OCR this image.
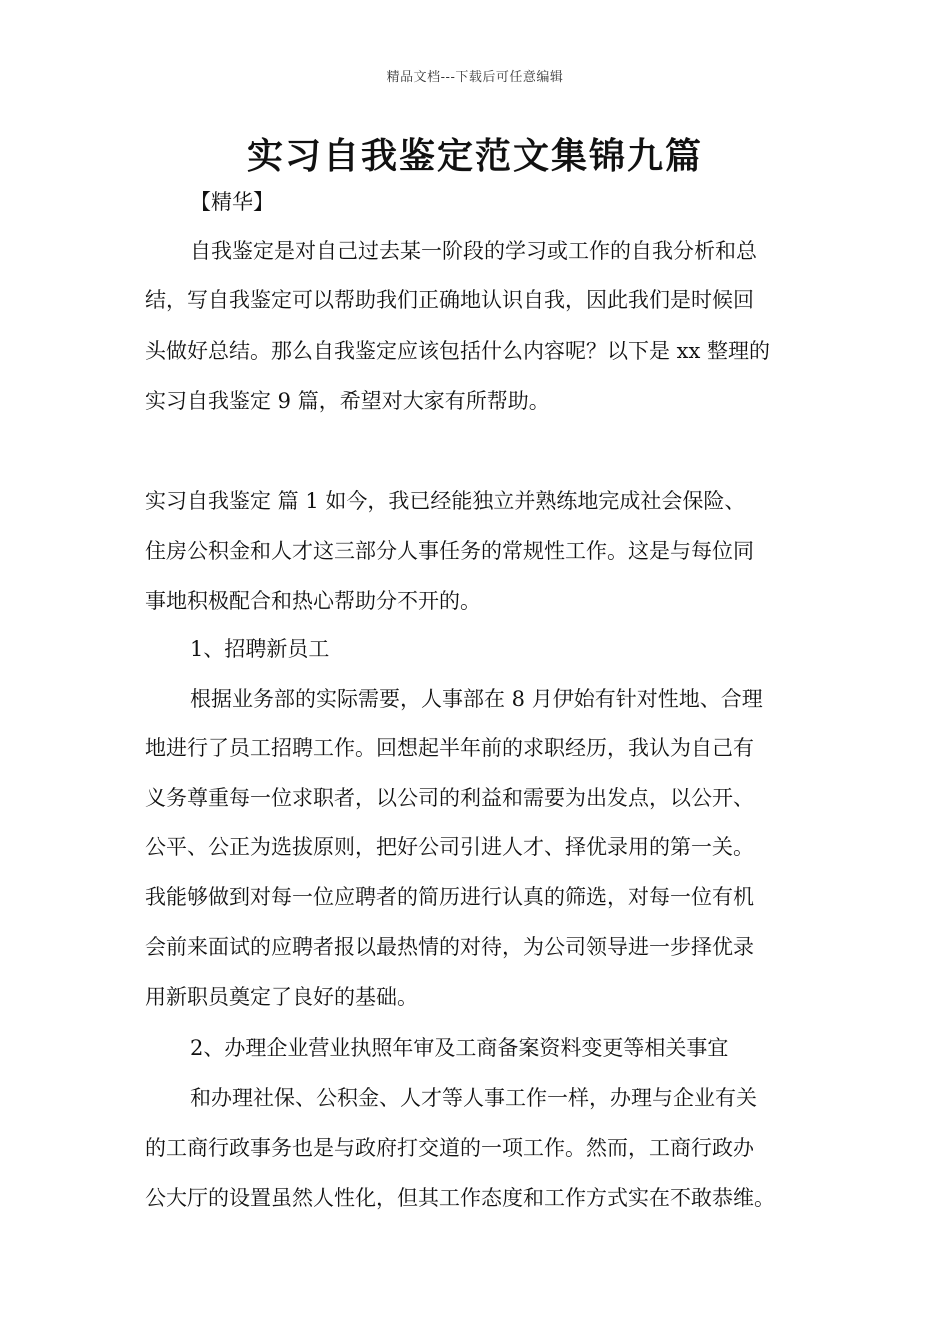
精品文档---下载后可任意编辑
实习自我鉴定范文集锦九篇
【精华】
自我鉴定是对自己过去某一阶段的学习或工作的自我分析和总
结，写自我鉴定可以帮助我们正确地认识自我，因此我们是时候回
头做好总结。那么自我鉴定应该包括什么内容呢？以下是 xx 整理的
实习自我鉴定 9 篇，希望对大家有所帮助。
实习自我鉴定 篇 1 如今，我已经能独立并熟练地完成社会保险、
住房公积金和人才这三部分人事任务的常规性工作。这是与每位同
事地积极配合和热心帮助分不开的。
1、招聘新员工
根据业务部的实际需要，人事部在 8 月伊始有针对性地、合理
地进行了员工招聘工作。回想起半年前的求职经历，我认为自己有
义务尊重每一位求职者，以公司的利益和需要为出发点，以公开、
公平、公正为选拔原则，把好公司引进人才、择优录用的第一关。
我能够做到对每一位应聘者的简历进行认真的筛选，对每一位有机
会前来面试的应聘者报以最热情的对待，为公司领导进一步择优录
用新职员奠定了良好的基础。
2、办理企业营业执照年审及工商备案资料变更等相关事宜
和办理社保、公积金、人才等人事工作一样，办理与企业有关
的工商行政事务也是与政府打交道的一项工作。然而，工商行政办
公大厅的设置虽然人性化，但其工作态度和工作方式实在不敢恭维。
